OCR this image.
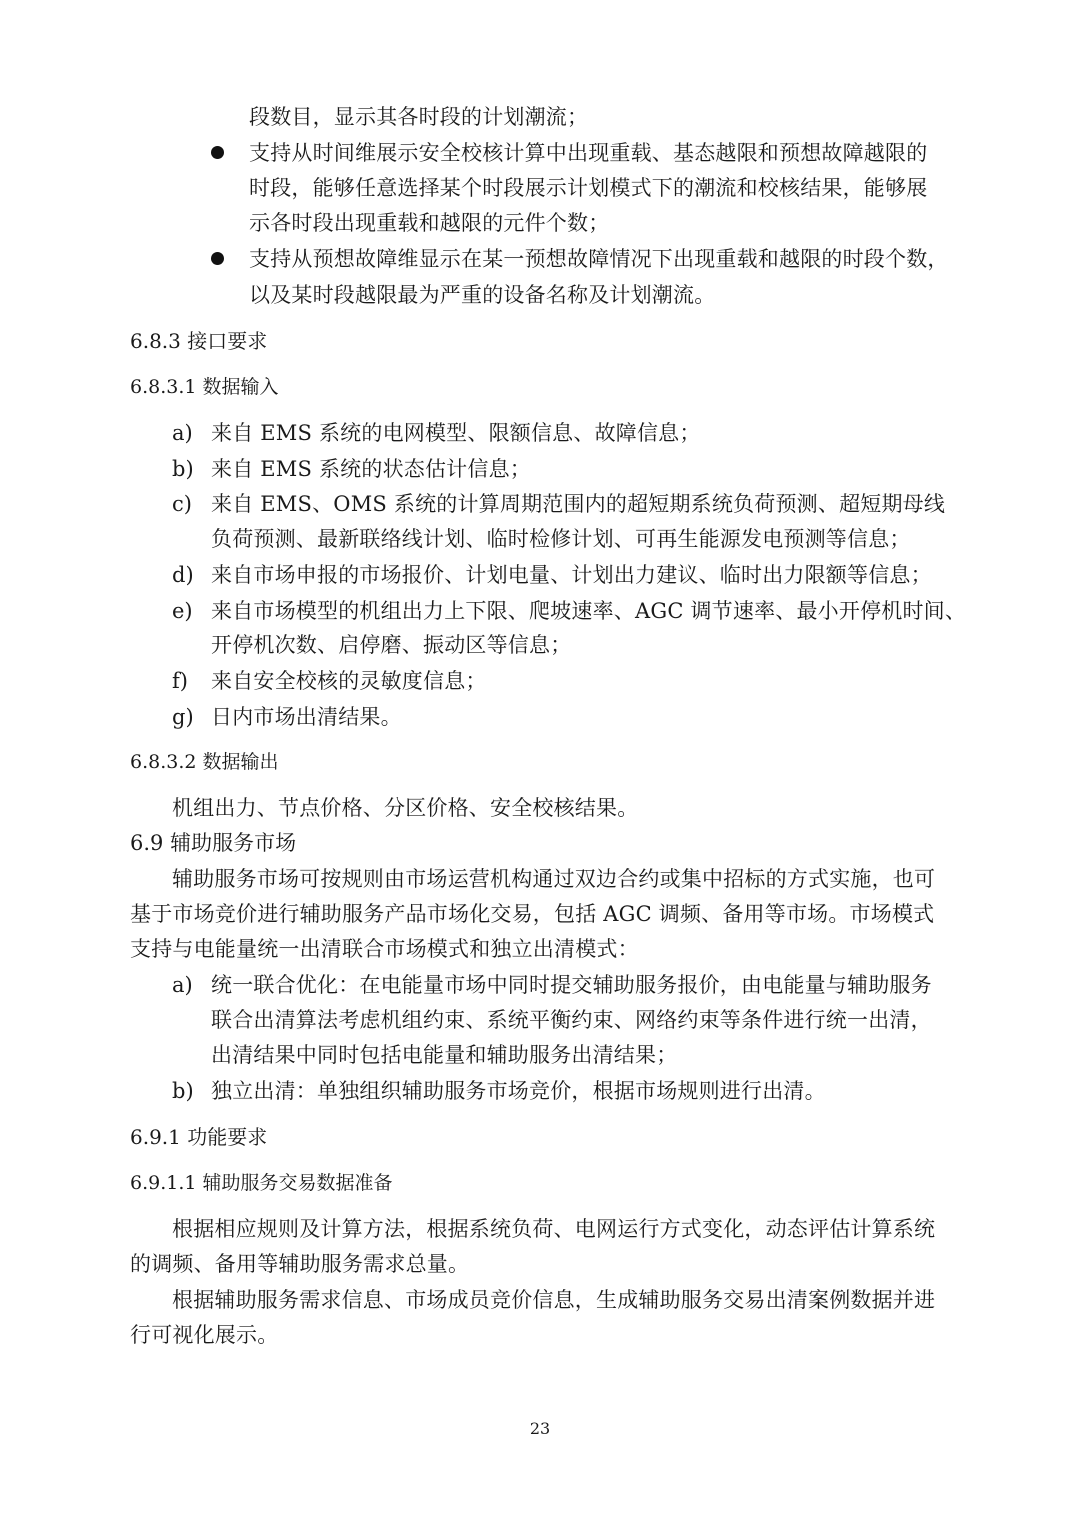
段数目，显示其各时段的计划潮流；
支持从时间维展示安全校核计算中出现重载、基态越限和预想故障越限的
时段，能够任意选择某个时段展示计划模式下的潮流和校核结果，能够展
示各时段出现重载和越限的元件个数；
支持从预想故障维显示在某一预想故障情况下出现重载和越限的时段个数，
以及某时段越限最为严重的设备名称及计划潮流。
6.8.3 接口要求
6.8.3.1 数据输入
a) 来自 EMS 系统的电网模型、限额信息、故障信息；
b) 来自 EMS 系统的状态估计信息；
c) 来自 EMS、OMS 系统的计算周期范围内的超短期系统负荷预测、超短期母线
负荷预测、最新联络线计划、临时检修计划、可再生能源发电预测等信息；
d) 来自市场申报的市场报价、计划电量、计划出力建议、临时出力限额等信息；
e) 来自市场模型的机组出力上下限、爬坡速率、AGC 调节速率、最小开停机时间、
开停机次数、启停磨、振动区等信息；
f) 来自安全校核的灵敏度信息；
g) 日内市场出清结果。
6.8.3.2 数据输出
机组出力、节点价格、分区价格、安全校核结果。
6.9 辅助服务市场
辅助服务市场可按规则由市场运营机构通过双边合约或集中招标的方式实施，也可
基于市场竞价进行辅助服务产品市场化交易，包括 AGC 调频、备用等市场。市场模式
支持与电能量统一出清联合市场模式和独立出清模式：
a) 统一联合优化：在电能量市场中同时提交辅助服务报价，由电能量与辅助服务
联合出清算法考虑机组约束、系统平衡约束、网络约束等条件进行统一出清，
出清结果中同时包括电能量和辅助服务出清结果；
b) 独立出清：单独组织辅助服务市场竞价，根据市场规则进行出清。
6.9.1 功能要求
6.9.1.1 辅助服务交易数据准备
根据相应规则及计算方法，根据系统负荷、电网运行方式变化，动态评估计算系统
的调频、备用等辅助服务需求总量。
根据辅助服务需求信息、市场成员竞价信息，生成辅助服务交易出清案例数据并进
行可视化展示。
23
